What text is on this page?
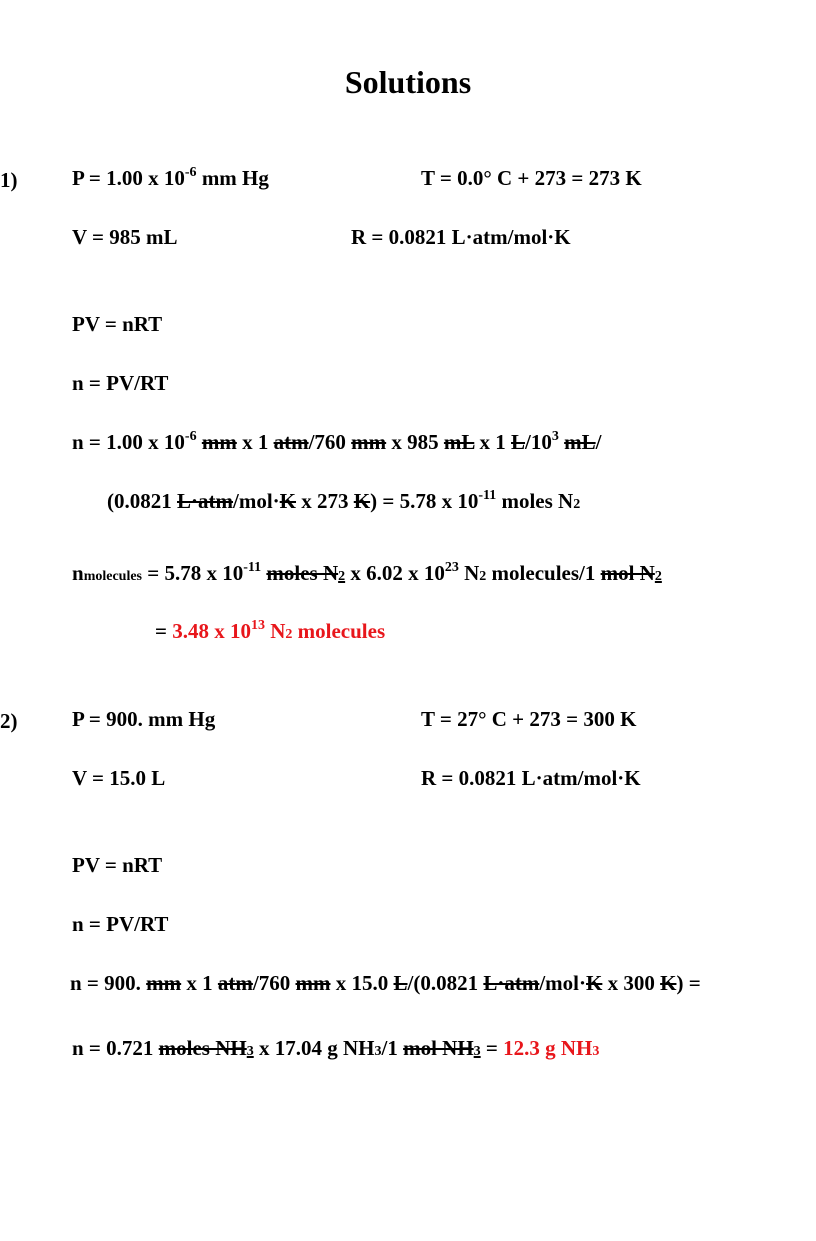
Solutions
1)	P = 1.00 x $10^{-6}$ mm Hg	T = 0.0° C + 273 = 273 K
V = 985 mL	R = 0.0821 L·atm/mol·K
PV = nRT
n = PV/RT
n = 1.00 x $10^{-6}$ mm x 1 atm/760 mm x 985 mL x 1 $L/10^3$ mL/
(0.0821 L·atm/mol·K x 273 K) = 5.78 x $10^{-11}$ moles N2
nmolecules = 5.78 x $10^{-11}$ moles N2 x 6.02 x $10^{23}$ N2 molecules/1 mol N2
= 3.48 x $10^{13}$ N2 molecules
2)	P = 900. mm Hg	T = 27° C + 273 = 300 K
V = 15.0 L	R = 0.0821 L·atm/mol·K
PV = nRT
n = PV/RT
n = 900. mm x 1 atm/760 mm x 15.0 L/(0.0821 L·atm/mol·K x 300 K) =
n = 0.721 moles NH3 x 17.04 g NH3/1 mol NH3 = 12.3 g NH3
